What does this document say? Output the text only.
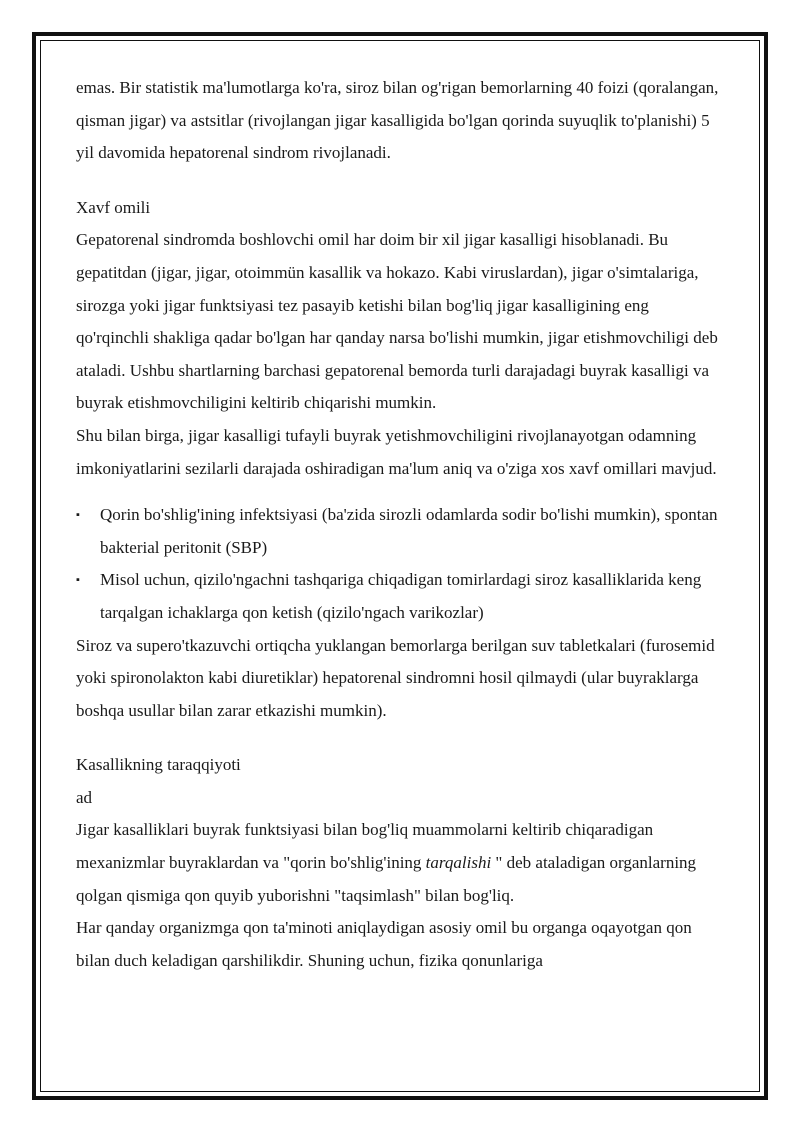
emas. Bir statistik ma'lumotlarga ko'ra, siroz bilan og'rigan bemorlarning 40 foizi (qoralangan, qisman jigar) va astsitlar (rivojlangan jigar kasalligida bo'lgan qorinda suyuqlik to'planishi) 5 yil davomida hepatorenal sindrom rivojlanadi.

Xavf omili

Gepatorenal sindromda boshlovchi omil har doim bir xil jigar kasalligi hisoblanadi. Bu gepatitdan (jigar, jigar, otoimmün kasallik va hokazo. Kabi viruslardan), jigar o'simtalariga, sirozga yoki jigar funktsiyasi tez pasayib ketishi bilan bog'liq jigar kasalligining eng qo'rqinchli shakliga qadar bo'lgan har qanday narsa bo'lishi mumkin, jigar etishmovchiligi deb ataladi. Ushbu shartlarning barchasi gepatorenal bemorda turli darajadagi buyrak kasalligi va buyrak etishmovchiligini keltirib chiqarishi mumkin.

Shu bilan birga, jigar kasalligi tufayli buyrak yetishmovchiligini rivojlanayotgan odamning imkoniyatlarini sezilarli darajada oshiradigan ma'lum aniq va o'ziga xos xavf omillari mavjud.

▪ Qorin bo'shlig'ining infektsiyasi (ba'zida sirozli odamlarda sodir bo'lishi mumkin), spontan bakterial peritonit (SBP)
▪ Misol uchun, qizilo'ngachni tashqariga chiqadigan tomirlardagi siroz kasalliklarida keng tarqalgan ichaklarga qon ketish (qizilo'ngach varikozlar)

Siroz va supero'tkazuvchi ortiqcha yuklangan bemorlarga berilgan suv tabletkalari (furosemid yoki spironolakton kabi diuretiklar) hepatorenal sindromni hosil qilmaydi (ular buyraklarga boshqa usullar bilan zarar etkazishi mumkin).

Kasallikning taraqqiyoti

ad

Jigar kasalliklari buyrak funktsiyasi bilan bog'liq muammolarni keltirib chiqaradigan mexanizmlar buyraklardan va "qorin bo'shlig'ining tarqalishi " deb ataladigan organlarning qolgan qismiga qon quyib yuborishni "taqsimlash" bilan bog'liq.

Har qanday organizmga qon ta'minoti aniqlaydigan asosiy omil bu organga oqayotgan qon bilan duch keladigan qarshilikdir. Shuning uchun, fizika qonunlariga
